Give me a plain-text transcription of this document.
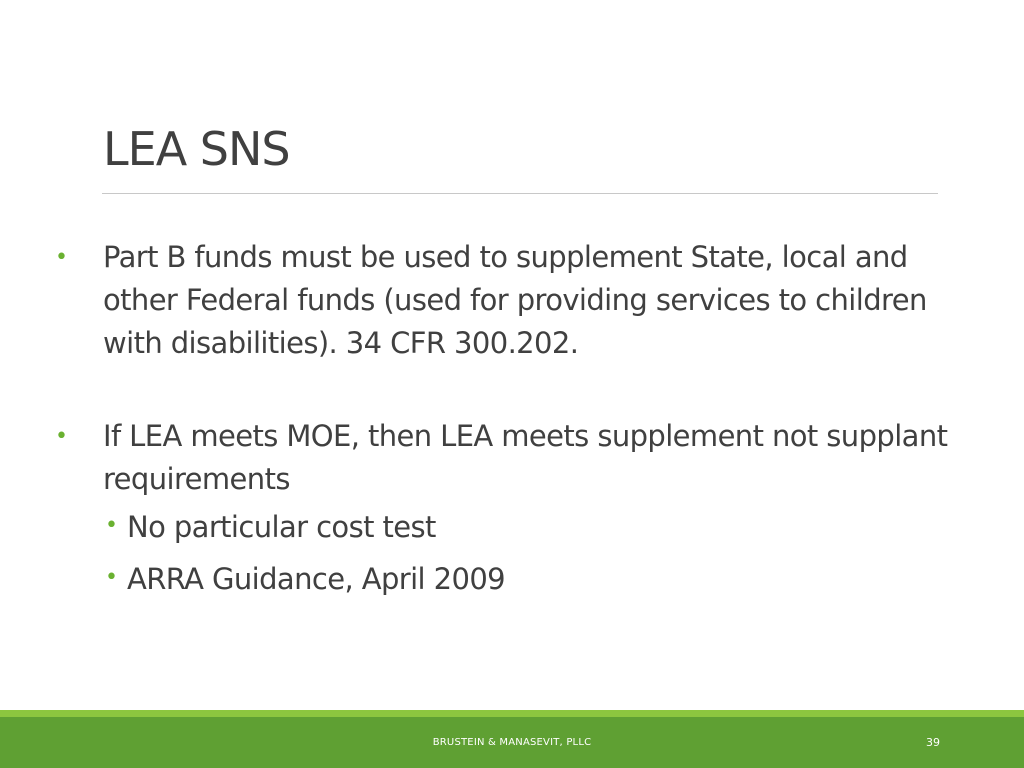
LEA SNS
• Part B funds must be used to supplement State, local and other Federal funds (used for providing services to children with disabilities). 34 CFR 300.202.
• If LEA meets MOE, then LEA meets supplement not supplant requirements
• No particular cost test
• ARRA Guidance, April 2009
BRUSTEIN & MANASEVIT, PLLC	39
